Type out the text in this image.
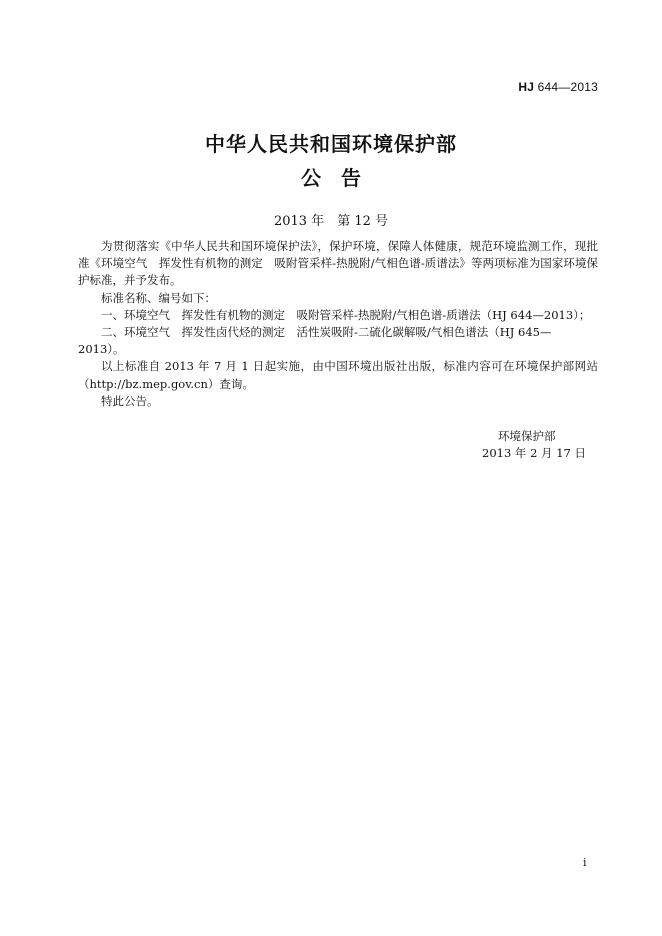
HJ 644—2013
中华人民共和国环境保护部
公　告
2013 年　第 12 号

为贯彻落实《中华人民共和国环境保护法》，保护环境，保障人体健康，规范环境监测工作，现批

准《环境空气　挥发性有机物的测定　吸附管采样-热脱附/气相色谱-质谱法》等两项标准为国家环境保

护标准，并予发布。

标准名称、编号如下：

一、环境空气　挥发性有机物的测定　吸附管采样-热脱附/气相色谱-质谱法（HJ 644—2013）；

二、环境空气　挥发性卤代烃的测定　活性炭吸附-二硫化碳解吸/气相色谱法（HJ 645—2013）。

以上标准自 2013 年 7 月 1 日起实施，由中国环境出版社出版，标准内容可在环境保护部网站

（http://bz.mep.gov.cn）查询。

特此公告。

环境保护部
2013 年 2 月 17 日
i
